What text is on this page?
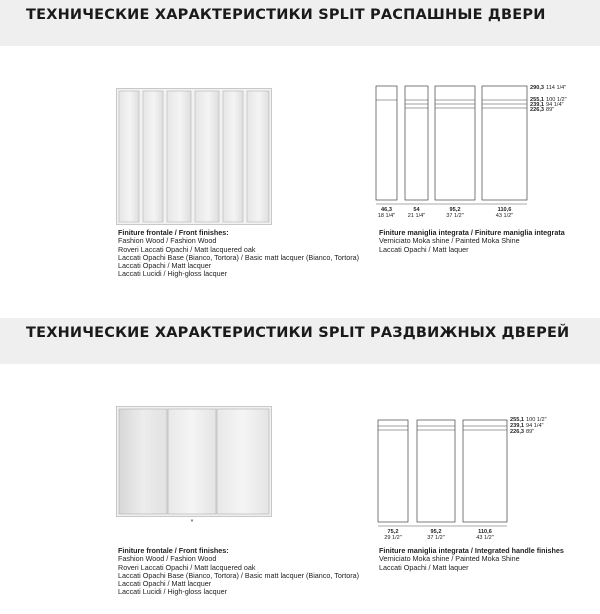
ТЕХНИЧЕСКИЕ ХАРАКТЕРИСТИКИ SPLIT РАСПАШНЫЕ ДВЕРИ
Finiture frontale / Front finishes:
Fashion Wood / Fashion Wood
Roveri Laccati Opachi / Matt lacquered oak
Laccati Opachi Base (Bianco, Tortora) / Basic matt lacquer (Bianco, Tortora)
Laccati Opachi / Matt lacquer
Laccati Lucidi / High-gloss lacquer
290,3 114 1/4"
255,1 100 1/2"
239,1 94 1/4"
226,3 89"
46,3
18 1/4"
54
21 1/4"
95,2
37 1/2"
110,6
43 1/2"
Finiture maniglia integrata / Finiture maniglia integrata
Verniciato Moka shine / Painted Moka Shine
Laccati Opachi / Matt laquer
ТЕХНИЧЕСКИЕ ХАРАКТЕРИСТИКИ SPLIT РАЗДВИЖНЫХ ДВЕРЕЙ
*
Finiture frontale / Front finishes:
Fashion Wood / Fashion Wood
Roveri Laccati Opachi / Matt lacquered oak
Laccati Opachi Base (Bianco, Tortora) / Basic matt lacquer (Bianco, Tortora)
Laccati Opachi / Matt lacquer
Laccati Lucidi / High-gloss lacquer
255,1 100 1/2"
239,1 94 1/4"
226,3 89"
75,2
29 1/2"
95,2
37 1/2"
110,6
43 1/2"
Finiture maniglia integrata / Integrated handle finishes
Verniciato Moka shine / Painted Moka Shine
Laccati Opachi / Matt laquer
